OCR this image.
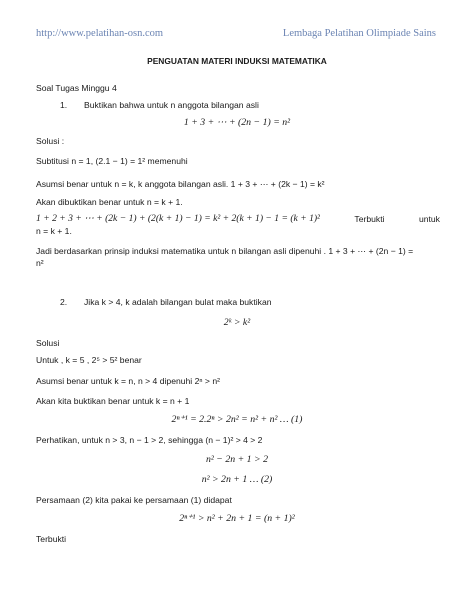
http://www.pelatihan-osn.com	Lembaga Pelatihan Olimpiade Sains
PENGUATAN MATERI INDUKSI MATEMATIKA
Soal Tugas Minggu 4
1. Buktikan bahwa untuk n anggota bilangan asli
1 + 3 + ⋯ + (2n − 1) = n²
Solusi :
Subtitusi n = 1, (2.1 − 1) = 1² memenuhi
Asumsi benar untuk n = k, k anggota bilangan asli. 1 + 3 + ⋯ + (2k − 1) = k²
Akan dibuktikan benar untuk n = k + 1.
1 + 2 + 3 + ⋯ + (2k − 1) + (2(k + 1) − 1) = k² + 2(k + 1) − 1 = (k + 1)²	Terbukti	untuk
n = k + 1.
Jadi berdasarkan prinsip induksi matematika untuk n bilangan asli dipenuhi . 1 + 3 + ⋯ + (2n − 1) =
n²
2. Jika k > 4, k adalah bilangan bulat maka buktikan
2ᵏ > k²
Solusi
Untuk , k = 5 , 2⁵ > 5² benar
Asumsi benar untuk k = n, n > 4 dipenuhi 2ⁿ > n²
Akan kita buktikan benar untuk k = n + 1
2ⁿ⁺¹ = 2.2ⁿ > 2n² = n² + n² … (1)
Perhatikan, untuk n > 3, n − 1 > 2, sehingga (n − 1)² > 4 > 2
n² − 2n + 1 > 2
n² > 2n + 1 … (2)
Persamaan (2) kita pakai ke persamaan (1) didapat
2ⁿ⁺¹ > n² + 2n + 1 = (n + 1)²
Terbukti
